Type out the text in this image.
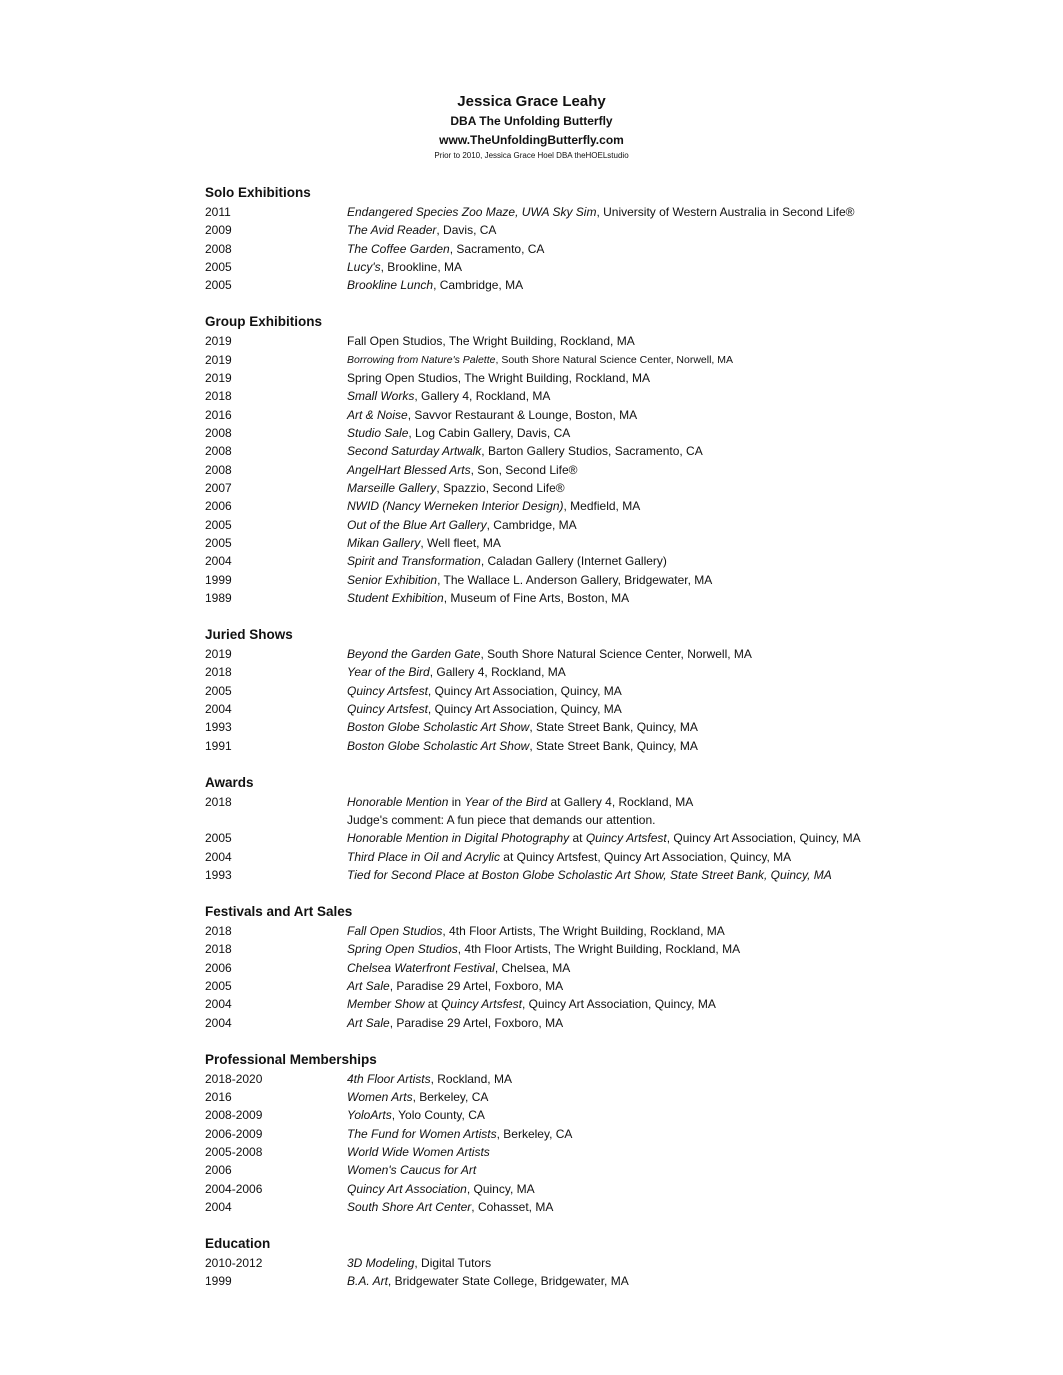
Jessica Grace Leahy
DBA The Unfolding Butterfly
www.TheUnfoldingButterfly.com
Prior to 2010, Jessica Grace Hoel DBA theHOELstudio
Solo Exhibitions
2011	Endangered Species Zoo Maze, UWA Sky Sim, University of Western Australia in Second Life®
2009	The Avid Reader, Davis, CA
2008	The Coffee Garden, Sacramento, CA
2005	Lucy's, Brookline, MA
2005	Brookline Lunch, Cambridge, MA
Group Exhibitions
2019	Fall Open Studios, The Wright Building, Rockland, MA
2019	Borrowing from Nature's Palette, South Shore Natural Science Center, Norwell, MA
2019	Spring Open Studios, The Wright Building, Rockland, MA
2018	Small Works, Gallery 4, Rockland, MA
2016	Art & Noise, Savvor Restaurant & Lounge, Boston, MA
2008	Studio Sale, Log Cabin Gallery, Davis, CA
2008	Second Saturday Artwalk, Barton Gallery Studios, Sacramento, CA
2008	AngelHart Blessed Arts, Son, Second Life®
2007	Marseille Gallery, Spazzio, Second Life®
2006	NWID (Nancy Werneken Interior Design), Medfield, MA
2005	Out of the Blue Art Gallery, Cambridge, MA
2005	Mikan Gallery, Well fleet, MA
2004	Spirit and Transformation, Caladan Gallery (Internet Gallery)
1999	Senior Exhibition, The Wallace L. Anderson Gallery, Bridgewater, MA
1989	Student Exhibition, Museum of Fine Arts, Boston, MA
Juried Shows
2019	Beyond the Garden Gate, South Shore Natural Science Center, Norwell, MA
2018	Year of the Bird, Gallery 4, Rockland, MA
2005	Quincy Artsfest, Quincy Art Association, Quincy, MA
2004	Quincy Artsfest, Quincy Art Association, Quincy, MA
1993	Boston Globe Scholastic Art Show, State Street Bank, Quincy, MA
1991	Boston Globe Scholastic Art Show, State Street Bank, Quincy, MA
Awards
2018	Honorable Mention in Year of the Bird at Gallery 4, Rockland, MA
Judge's comment: A fun piece that demands our attention.
2005	Honorable Mention in Digital Photography at Quincy Artsfest, Quincy Art Association, Quincy, MA
2004	Third Place in Oil and Acrylic at Quincy Artsfest, Quincy Art Association, Quincy, MA
1993	Tied for Second Place at Boston Globe Scholastic Art Show, State Street Bank, Quincy, MA
Festivals and Art Sales
2018	Fall Open Studios, 4th Floor Artists, The Wright Building, Rockland, MA
2018	Spring Open Studios, 4th Floor Artists, The Wright Building, Rockland, MA
2006	Chelsea Waterfront Festival, Chelsea, MA
2005	Art Sale, Paradise 29 Artel, Foxboro, MA
2004	Member Show at Quincy Artsfest, Quincy Art Association, Quincy, MA
2004	Art Sale, Paradise 29 Artel, Foxboro, MA
Professional Memberships
2018-2020	4th Floor Artists, Rockland, MA
2016	Women Arts, Berkeley, CA
2008-2009	YoloArts, Yolo County, CA
2006-2009	The Fund for Women Artists, Berkeley, CA
2005-2008	World Wide Women Artists
2006	Women's Caucus for Art
2004-2006	Quincy Art Association, Quincy, MA
2004	South Shore Art Center, Cohasset, MA
Education
2010-2012	3D Modeling, Digital Tutors
1999	B.A. Art, Bridgewater State College, Bridgewater, MA
